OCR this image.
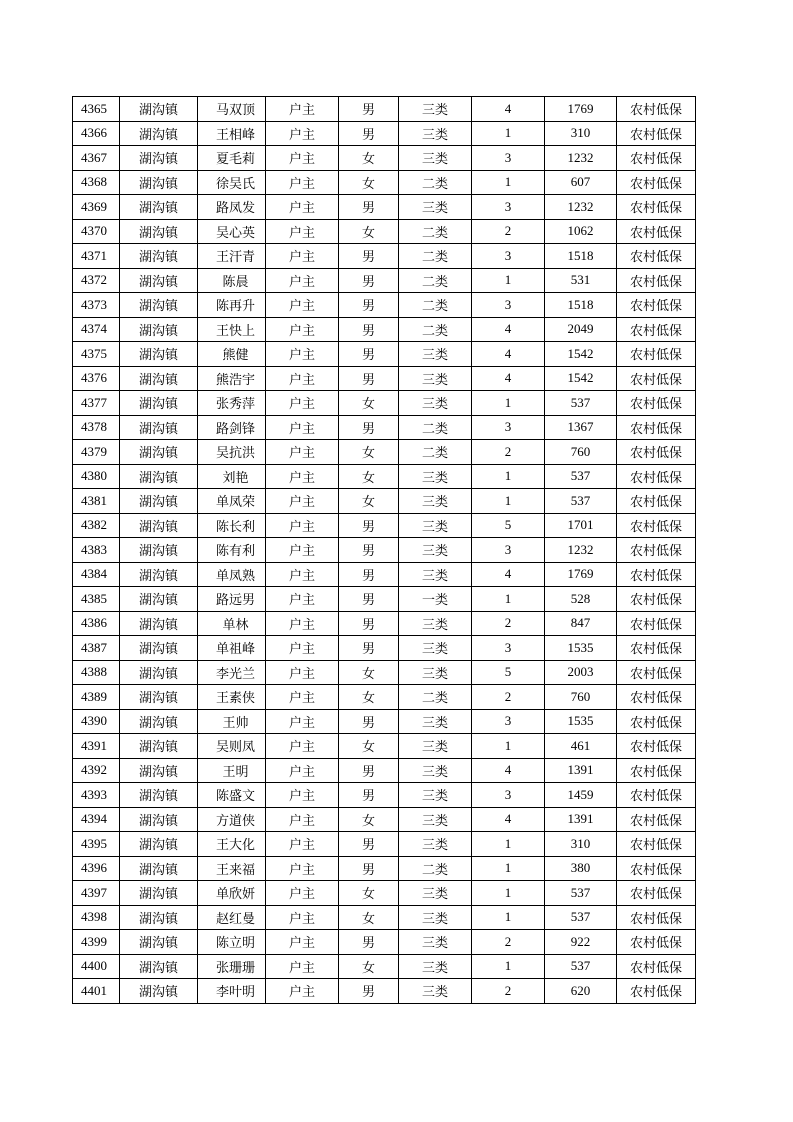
4365	湖沟镇	马双顶	户主	男	三类	4	1769	农村低保
4366	湖沟镇	王相峰	户主	男	三类	1	310	农村低保
4367	湖沟镇	夏毛莉	户主	女	三类	3	1232	农村低保
4368	湖沟镇	徐吴氏	户主	女	二类	1	607	农村低保
4369	湖沟镇	路凤发	户主	男	三类	3	1232	农村低保
4370	湖沟镇	吴心英	户主	女	二类	2	1062	农村低保
4371	湖沟镇	王汗青	户主	男	二类	3	1518	农村低保
4372	湖沟镇	陈晨	户主	男	二类	1	531	农村低保
4373	湖沟镇	陈再升	户主	男	二类	3	1518	农村低保
4374	湖沟镇	王快上	户主	男	二类	4	2049	农村低保
4375	湖沟镇	熊健	户主	男	三类	4	1542	农村低保
4376	湖沟镇	熊浩宇	户主	男	三类	4	1542	农村低保
4377	湖沟镇	张秀萍	户主	女	三类	1	537	农村低保
4378	湖沟镇	路剑锋	户主	男	二类	3	1367	农村低保
4379	湖沟镇	吴抗洪	户主	女	二类	2	760	农村低保
4380	湖沟镇	刘艳	户主	女	三类	1	537	农村低保
4381	湖沟镇	单凤荣	户主	女	三类	1	537	农村低保
4382	湖沟镇	陈长利	户主	男	三类	5	1701	农村低保
4383	湖沟镇	陈有利	户主	男	三类	3	1232	农村低保
4384	湖沟镇	单凤熟	户主	男	三类	4	1769	农村低保
4385	湖沟镇	路远男	户主	男	一类	1	528	农村低保
4386	湖沟镇	单林	户主	男	三类	2	847	农村低保
4387	湖沟镇	单祖峰	户主	男	三类	3	1535	农村低保
4388	湖沟镇	李光兰	户主	女	三类	5	2003	农村低保
4389	湖沟镇	王素侠	户主	女	二类	2	760	农村低保
4390	湖沟镇	王帅	户主	男	三类	3	1535	农村低保
4391	湖沟镇	吴则凤	户主	女	三类	1	461	农村低保
4392	湖沟镇	王明	户主	男	三类	4	1391	农村低保
4393	湖沟镇	陈盛文	户主	男	三类	3	1459	农村低保
4394	湖沟镇	方道侠	户主	女	三类	4	1391	农村低保
4395	湖沟镇	王大化	户主	男	三类	1	310	农村低保
4396	湖沟镇	王来福	户主	男	二类	1	380	农村低保
4397	湖沟镇	单欣妍	户主	女	三类	1	537	农村低保
4398	湖沟镇	赵红曼	户主	女	三类	1	537	农村低保
4399	湖沟镇	陈立明	户主	男	三类	2	922	农村低保
4400	湖沟镇	张珊珊	户主	女	三类	1	537	农村低保
4401	湖沟镇	李叶明	户主	男	三类	2	620	农村低保
